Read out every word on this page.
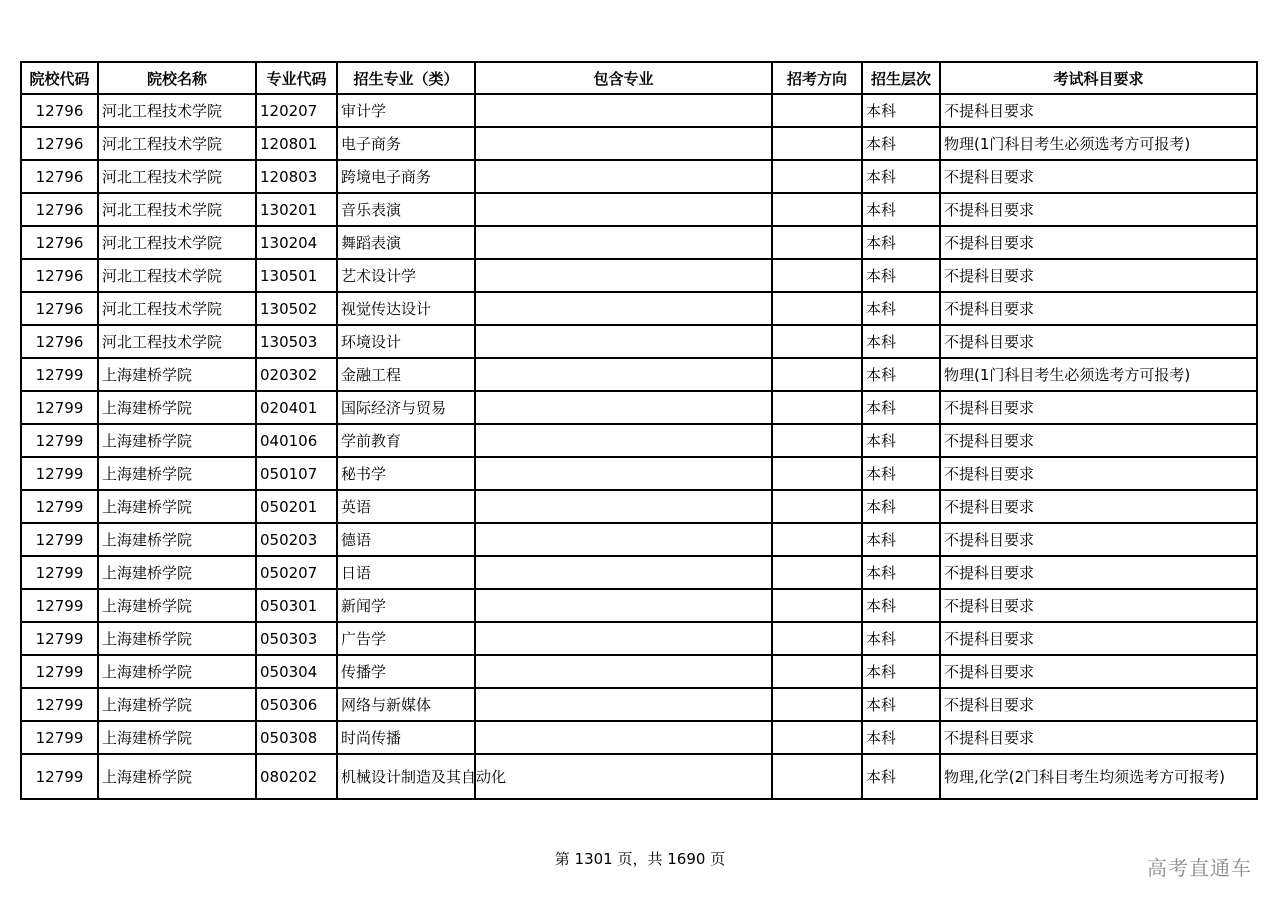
院校代码	院校名称	专业代码	招生专业（类）	包含专业	招考方向	招生层次	考试科目要求
12796	河北工程技术学院	120207	审计学			本科	不提科目要求
12796	河北工程技术学院	120801	电子商务			本科	物理(1门科目考生必须选考方可报考)
12796	河北工程技术学院	120803	跨境电子商务			本科	不提科目要求
12796	河北工程技术学院	130201	音乐表演			本科	不提科目要求
12796	河北工程技术学院	130204	舞蹈表演			本科	不提科目要求
12796	河北工程技术学院	130501	艺术设计学			本科	不提科目要求
12796	河北工程技术学院	130502	视觉传达设计			本科	不提科目要求
12796	河北工程技术学院	130503	环境设计			本科	不提科目要求
12799	上海建桥学院	020302	金融工程			本科	物理(1门科目考生必须选考方可报考)
12799	上海建桥学院	020401	国际经济与贸易			本科	不提科目要求
12799	上海建桥学院	040106	学前教育			本科	不提科目要求
12799	上海建桥学院	050107	秘书学			本科	不提科目要求
12799	上海建桥学院	050201	英语			本科	不提科目要求
12799	上海建桥学院	050203	德语			本科	不提科目要求
12799	上海建桥学院	050207	日语			本科	不提科目要求
12799	上海建桥学院	050301	新闻学			本科	不提科目要求
12799	上海建桥学院	050303	广告学			本科	不提科目要求
12799	上海建桥学院	050304	传播学			本科	不提科目要求
12799	上海建桥学院	050306	网络与新媒体			本科	不提科目要求
12799	上海建桥学院	050308	时尚传播			本科	不提科目要求
12799	上海建桥学院	080202	机械设计制造及其自动化			本科	物理,化学(2门科目考生均须选考方可报考)
第 1301 页，共 1690 页	高考直通车
